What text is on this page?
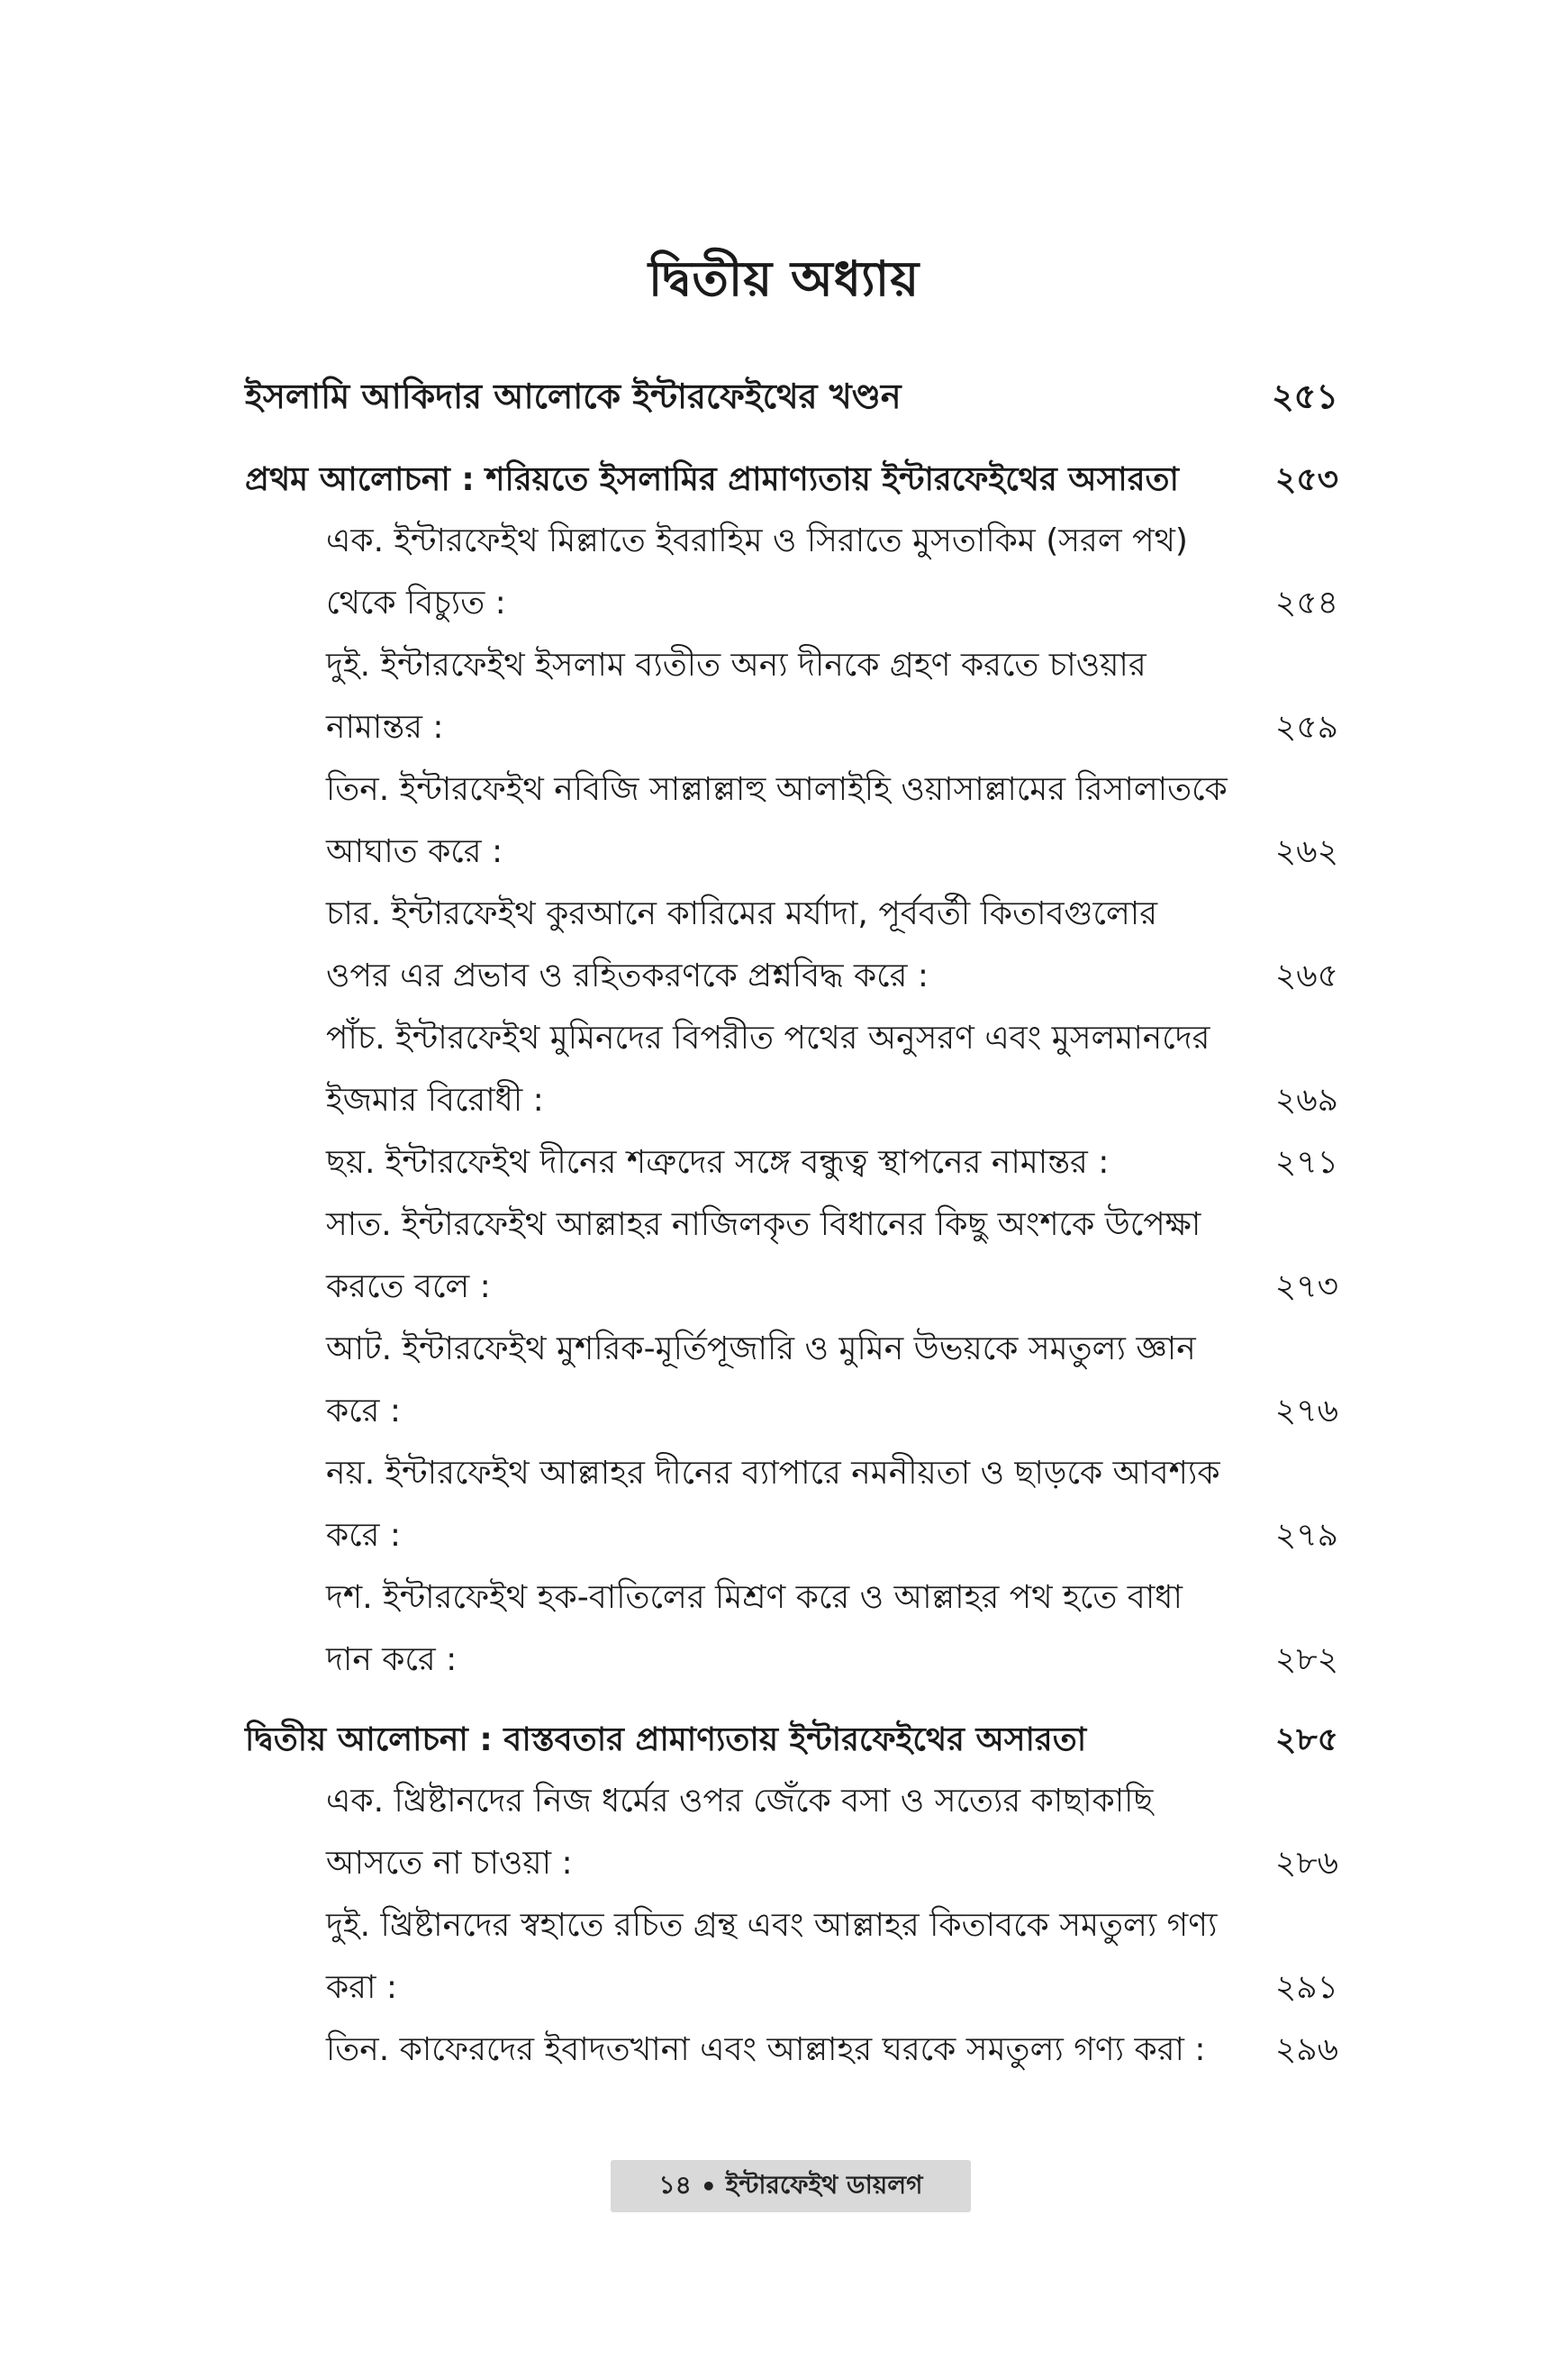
দ্বিতীয় অধ্যায়
ইসলামি আকিদার আলোকে ইন্টারফেইথের খণ্ডন	২৫১
প্রথম আলোচনা : শরিয়তে ইসলামির প্রামাণ্যতায় ইন্টারফেইথের অসারতা	২৫৩
এক. ইন্টারফেইথ মিল্লাতে ইবরাহিম ও সিরাতে মুসতাকিম (সরল পথ)
থেকে বিচ্যুত :	২৫৪
দুই. ইন্টারফেইথ ইসলাম ব্যতীত অন্য দীনকে গ্রহণ করতে চাওয়ার
নামান্তর :	২৫৯
তিন. ইন্টারফেইথ নবিজি সাল্লাল্লাহু আলাইহি ওয়াসাল্লামের রিসালাতকে
আঘাত করে :	২৬২
চার. ইন্টারফেইথ কুরআনে কারিমের মর্যাদা, পূর্ববর্তী কিতাবগুলোর
ওপর এর প্রভাব ও রহিতকরণকে প্রশ্নবিদ্ধ করে :	২৬৫
পাঁচ. ইন্টারফেইথ মুমিনদের বিপরীত পথের অনুসরণ এবং মুসলমানদের
ইজমার বিরোধী :	২৬৯
ছয়. ইন্টারফেইথ দীনের শত্রুদের সঙ্গে বন্ধুত্ব স্থাপনের নামান্তর :	২৭১
সাত. ইন্টারফেইথ আল্লাহর নাজিলকৃত বিধানের কিছু অংশকে উপেক্ষা
করতে বলে :	২৭৩
আট. ইন্টারফেইথ মুশরিক-মূর্তিপূজারি ও মুমিন উভয়কে সমতুল্য জ্ঞান
করে :	২৭৬
নয়. ইন্টারফেইথ আল্লাহর দীনের ব্যাপারে নমনীয়তা ও ছাড়কে আবশ্যক
করে :	২৭৯
দশ. ইন্টারফেইথ হক-বাতিলের মিশ্রণ করে ও আল্লাহর পথ হতে বাধা
দান করে :	২৮২
দ্বিতীয় আলোচনা : বাস্তবতার প্রামাণ্যতায় ইন্টারফেইথের অসারতা	২৮৫
এক. খ্রিষ্টানদের নিজ ধর্মের ওপর জেঁকে বসা ও সত্যের কাছাকাছি
আসতে না চাওয়া :	২৮৬
দুই. খ্রিষ্টানদের স্বহাতে রচিত গ্রন্থ এবং আল্লাহর কিতাবকে সমতুল্য গণ্য
করা :	২৯১
তিন. কাফেরদের ইবাদতখানা এবং আল্লাহর ঘরকে সমতুল্য গণ্য করা :	২৯৬
১৪ • ইন্টারফেইথ ডায়লগ
